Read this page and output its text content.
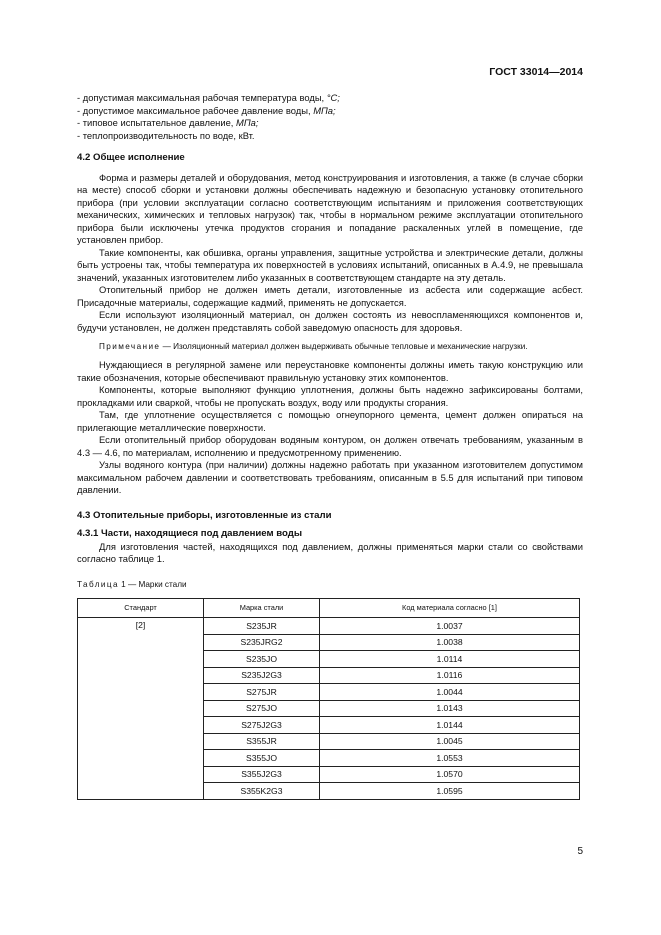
ГОСТ 33014—2014
- допустимая максимальная рабочая температура воды, °C;
- допустимое максимальное рабочее давление воды, МПа;
- типовое испытательное давление, МПа;
- теплопроизводительность по воде, кВт.
4.2 Общее исполнение

Форма и размеры деталей и оборудования, метод конструирования и изготовления, а также (в случае сборки на месте) способ сборки и установки должны обеспечивать надежную и безопасную установку отопительного прибора (при условии эксплуатации согласно соответствующим испытаниям и приложения соответствующих механических, химических и тепловых нагрузок) так, чтобы в нормальном режиме эксплуатации отопительного прибора были исключены утечка продуктов сгорания и попадание раскаленных углей в помещение, где установлен прибор.

Такие компоненты, как обшивка, органы управления, защитные устройства и электрические детали, должны быть устроены так, чтобы температура их поверхностей в условиях испытаний, описанных в А.4.9, не превышала значений, указанных изготовителем либо указанных в соответствующем стандарте на эту деталь.

Отопительный прибор не должен иметь детали, изготовленные из асбеста или содержащие асбест. Присадочные материалы, содержащие кадмий, применять не допускается.

Если используют изоляционный материал, он должен состоять из невоспламеняющихся компонентов и, будучи установлен, не должен представлять собой заведомую опасность для здоровья.

Примечание — Изоляционный материал должен выдерживать обычные тепловые и механические нагрузки.

Нуждающиеся в регулярной замене или переустановке компоненты должны иметь такую конструкцию или такие обозначения, которые обеспечивают правильную установку этих компонентов.

Компоненты, которые выполняют функцию уплотнения, должны быть надежно зафиксированы болтами, прокладками или сваркой, чтобы не пропускать воздух, воду или продукты сгорания.

Там, где уплотнение осуществляется с помощью огнеупорного цемента, цемент должен опираться на прилегающие металлические поверхности.

Если отопительный прибор оборудован водяным контуром, он должен отвечать требованиям, указанным в 4.3 — 4.6, по материалам, исполнению и предусмотренному применению.

Узлы водяного контура (при наличии) должны надежно работать при указанном изготовителем допустимом максимальном рабочем давлении и соответствовать требованиям, описанным в 5.5 для испытаний при типовом давлении.

4.3 Отопительные приборы, изготовленные из стали
4.3.1 Части, находящиеся под давлением воды

Для изготовления частей, находящихся под давлением, должны применяться марки стали со свойствами согласно таблице 1.

Таблица 1 — Марки стали
Стандарт	Марка стали	Код материала согласно [1]
[2]	S235JR	1.0037
	S235JRG2	1.0038
	S235JO	1.0114
	S235J2G3	1.0116
	S275JR	1.0044
	S275JO	1.0143
	S275J2G3	1.0144
	S355JR	1.0045
	S355JO	1.0553
	S355J2G3	1.0570
	S355K2G3	1.0595
5
